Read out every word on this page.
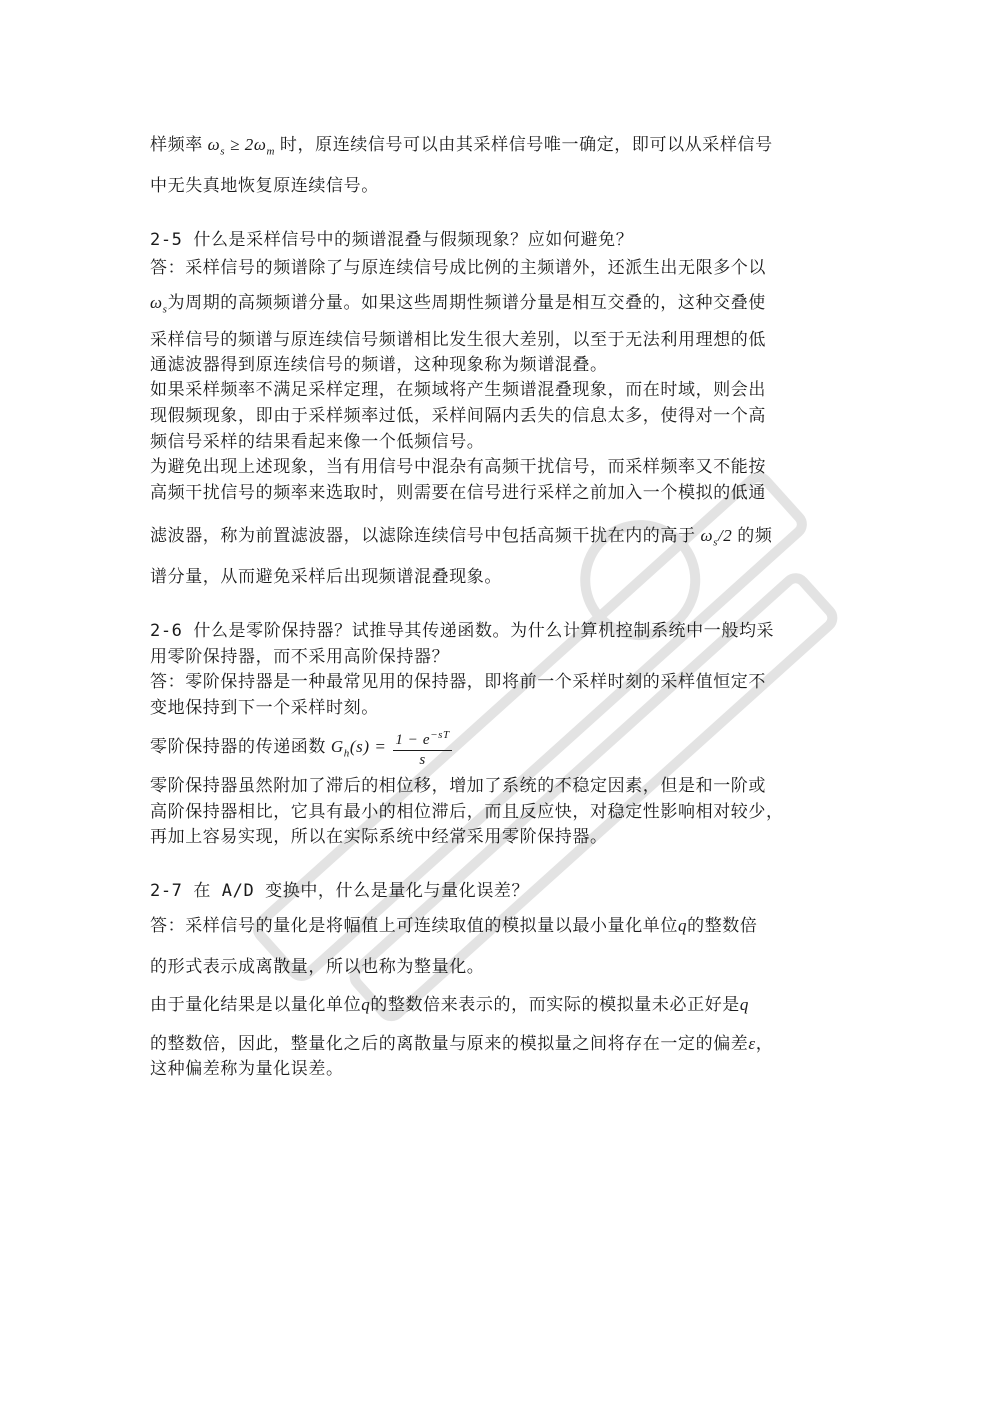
样频率 $\omega_s \ge 2\omega_m$ 时，原连续信号可以由其采样信号唯一确定，即可以从采样信号
中无失真地恢复原连续信号。
2-5 什么是采样信号中的频谱混叠与假频现象？应如何避免？
答：采样信号的频谱除了与原连续信号成比例的主频谱外，还派生出无限多个以
$\omega_s$为周期的高频频谱分量。如果这些周期性频谱分量是相互交叠的，这种交叠使
采样信号的频谱与原连续信号频谱相比发生很大差别，以至于无法利用理想的低
通滤波器得到原连续信号的频谱，这种现象称为频谱混叠。
如果采样频率不满足采样定理，在频域将产生频谱混叠现象，而在时域，则会出
现假频现象，即由于采样频率过低，采样间隔内丢失的信息太多，使得对一个高
频信号采样的结果看起来像一个低频信号。
为避免出现上述现象，当有用信号中混杂有高频干扰信号，而采样频率又不能按
高频干扰信号的频率来选取时，则需要在信号进行采样之前加入一个模拟的低通
滤波器，称为前置滤波器，以滤除连续信号中包括高频干扰在内的高于 $\omega_s/2$ 的频
谱分量，从而避免采样后出现频谱混叠现象。
2-6 什么是零阶保持器？试推导其传递函数。为什么计算机控制系统中一般均采
用零阶保持器，而不采用高阶保持器？
答：零阶保持器是一种最常见用的保持器，即将前一个采样时刻的采样值恒定不
变地保持到下一个采样时刻。
零阶保持器的传递函数 $G_h(s) = \frac{1 - e^{-sT}}{s}$
零阶保持器虽然附加了滞后的相位移，增加了系统的不稳定因素，但是和一阶或
高阶保持器相比，它具有最小的相位滞后，而且反应快，对稳定性影响相对较少，
再加上容易实现，所以在实际系统中经常采用零阶保持器。
2-7 在 A/D 变换中，什么是量化与量化误差？
答：采样信号的量化是将幅值上可连续取值的模拟量以最小量化单位q的整数倍
的形式表示成离散量，所以也称为整量化。
由于量化结果是以量化单位q的整数倍来表示的，而实际的模拟量未必正好是q
的整数倍，因此，整量化之后的离散量与原来的模拟量之间将存在一定的偏差ε，
这种偏差称为量化误差。
